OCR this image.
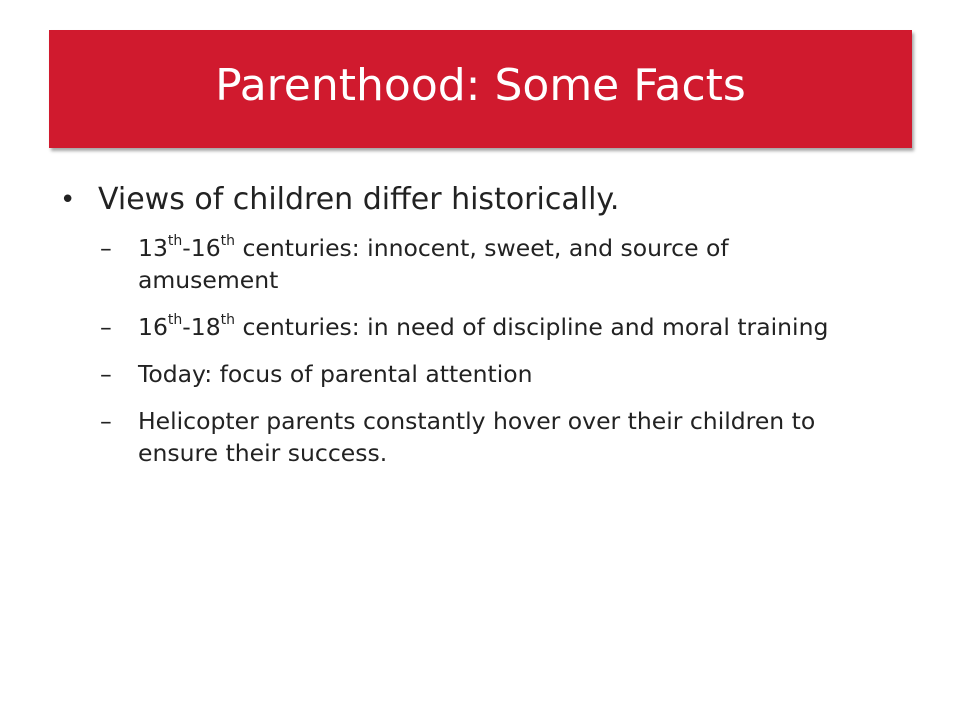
Parenthood: Some Facts
• Views of children differ historically.
–	13th-16th centuries: innocent, sweet, and source of amusement
–	16th-18th centuries: in need of discipline and moral training
–	Today: focus of parental attention
–	Helicopter parents constantly hover over their children to ensure their success.
